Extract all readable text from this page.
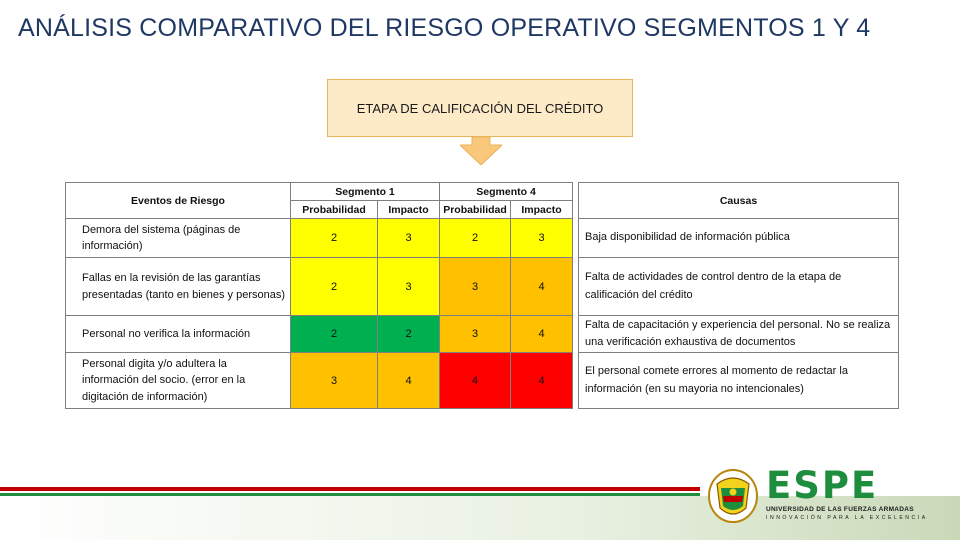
ANÁLISIS COMPARATIVO DEL RIESGO OPERATIVO SEGMENTOS 1 Y 4
ETAPA DE CALIFICACIÓN DEL CRÉDITO
Eventos de Riesgo	Segmento 1		Segmento 4			Causas
	Probabilidad	Impacto	Probabilidad	Impacto		
Demora del sistema (páginas de información)	2	3	2	3		Baja disponibilidad de información pública
Fallas en la revisión de las garantías presentadas (tanto en bienes y personas)	2	3	3	4		Falta de actividades de control dentro de la etapa de calificación del crédito
Personal no verifica la información	2	2	3	4		Falta de capacitación y experiencia del personal. No se realiza una verificación exhaustiva de documentos
Personal digita y/o adultera la información del socio. (error en la digitación de información)	3	4	4	4		El personal comete errores al momento de redactar la información (en su mayoria no intencionales)
ESPE
UNIVERSIDAD DE LAS FUERZAS ARMADAS
INNOVACIÓN PARA LA EXCELENCIA
